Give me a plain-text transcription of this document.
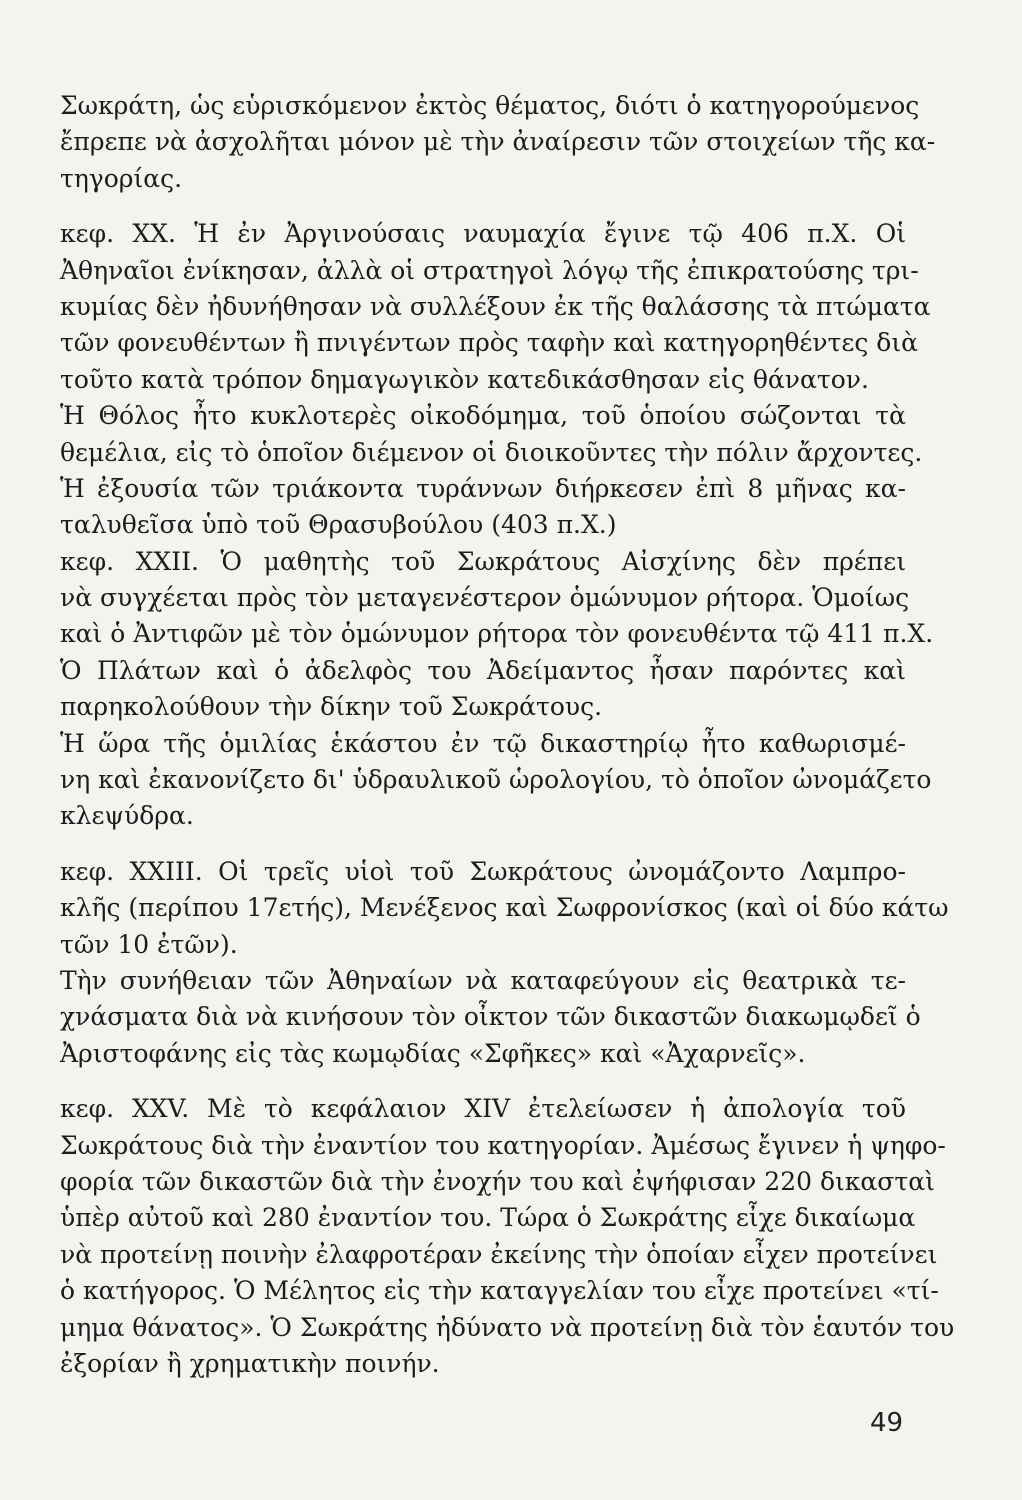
Σωκράτη, ὡς εὑρισκόμενον ἐκτὸς θέματος, διότι ὁ κατηγορούμενος
ἔπρεπε νὰ ἀσχολῆται μόνον μὲ τὴν ἀναίρεσιν τῶν στοιχείων τῆς κα-
τηγορίας.
κεφ. ΧΧ. Ἡ ἐν Ἀργινούσαις ναυμαχία ἔγινε τῷ 406 π.Χ. Οἱ
Ἀθηναῖοι ἐνίκησαν, ἀλλὰ οἱ στρατηγοὶ λόγῳ τῆς ἐπικρατούσης τρι-
κυμίας δὲν ἠδυνήθησαν νὰ συλλέξουν ἐκ τῆς θαλάσσης τὰ πτώματα
τῶν φονευθέντων ἢ πνιγέντων πρὸς ταφὴν καὶ κατηγορηθέντες διὰ
τοῦτο κατὰ τρόπον δημαγωγικὸν κατεδικάσθησαν εἰς θάνατον.
Ἡ Θόλος ἦτο κυκλοτερὲς οἰκοδόμημα, τοῦ ὁποίου σώζονται τὰ
θεμέλια, εἰς τὸ ὁποῖον διέμενον οἱ διοικοῦντες τὴν πόλιν ἄρχοντες.
Ἡ ἐξουσία τῶν τριάκοντα τυράννων διήρκεσεν ἐπὶ 8 μῆνας κα-
ταλυθεῖσα ὑπὸ τοῦ Θρασυβούλου (403 π.Χ.)
κεφ. ΧΧΙΙ. Ὁ μαθητὴς τοῦ Σωκράτους Αἰσχίνης δὲν πρέπει
νὰ συγχέεται πρὸς τὸν μεταγενέστερον ὁμώνυμον ρήτορα. Ὁμοίως
καὶ ὁ Ἀντιφῶν μὲ τὸν ὁμώνυμον ρήτορα τὸν φονευθέντα τῷ 411 π.Χ.
Ὁ Πλάτων καὶ ὁ ἀδελφὸς του Ἀδείμαντος ἦσαν παρόντες καὶ
παρηκολούθουν τὴν δίκην τοῦ Σωκράτους.
Ἡ ὥρα τῆς ὁμιλίας ἑκάστου ἐν τῷ δικαστηρίῳ ἦτο καθωρισμέ-
νη καὶ ἐκανονίζετο δι' ὑδραυλικοῦ ὡρολογίου, τὸ ὁποῖον ὠνομάζετο
κλεψύδρα.
κεφ. ΧΧΙΙΙ. Οἱ τρεῖς υἱοὶ τοῦ Σωκράτους ὠνομάζοντο Λαμπρο-
κλῆς (περίπου 17ετής), Μενέξενος καὶ Σωφρονίσκος (καὶ οἱ δύο κάτω
τῶν 10 ἐτῶν).
Τὴν συνήθειαν τῶν Ἀθηναίων νὰ καταφεύγουν εἰς θεατρικὰ τε-
χνάσματα διὰ νὰ κινήσουν τὸν οἶκτον τῶν δικαστῶν διακωμῳδεῖ ὁ
Ἀριστοφάνης εἰς τὰς κωμῳδίας «Σφῆκες» καὶ «Ἀχαρνεῖς».
κεφ. ΧΧV. Μὲ τὸ κεφάλαιον XIV ἐτελείωσεν ἡ ἀπολογία τοῦ
Σωκράτους διὰ τὴν ἐναντίον του κατηγορίαν. Ἀμέσως ἔγινεν ἡ ψηφο-
φορία τῶν δικαστῶν διὰ τὴν ἐνοχήν του καὶ ἐψήφισαν 220 δικασταὶ
ὑπὲρ αὐτοῦ καὶ 280 ἐναντίον του. Τώρα ὁ Σωκράτης εἶχε δικαίωμα
νὰ προτείνῃ ποινὴν ἐλαφροτέραν ἐκείνης τὴν ὁποίαν εἶχεν προτείνει
ὁ κατήγορος. Ὁ Μέλητος εἰς τὴν καταγγελίαν του εἶχε προτείνει «τί-
μημα θάνατος». Ὁ Σωκράτης ἠδύνατο νὰ προτείνῃ διὰ τὸν ἑαυτόν του
ἐξορίαν ἢ χρηματικὴν ποινήν.
49
